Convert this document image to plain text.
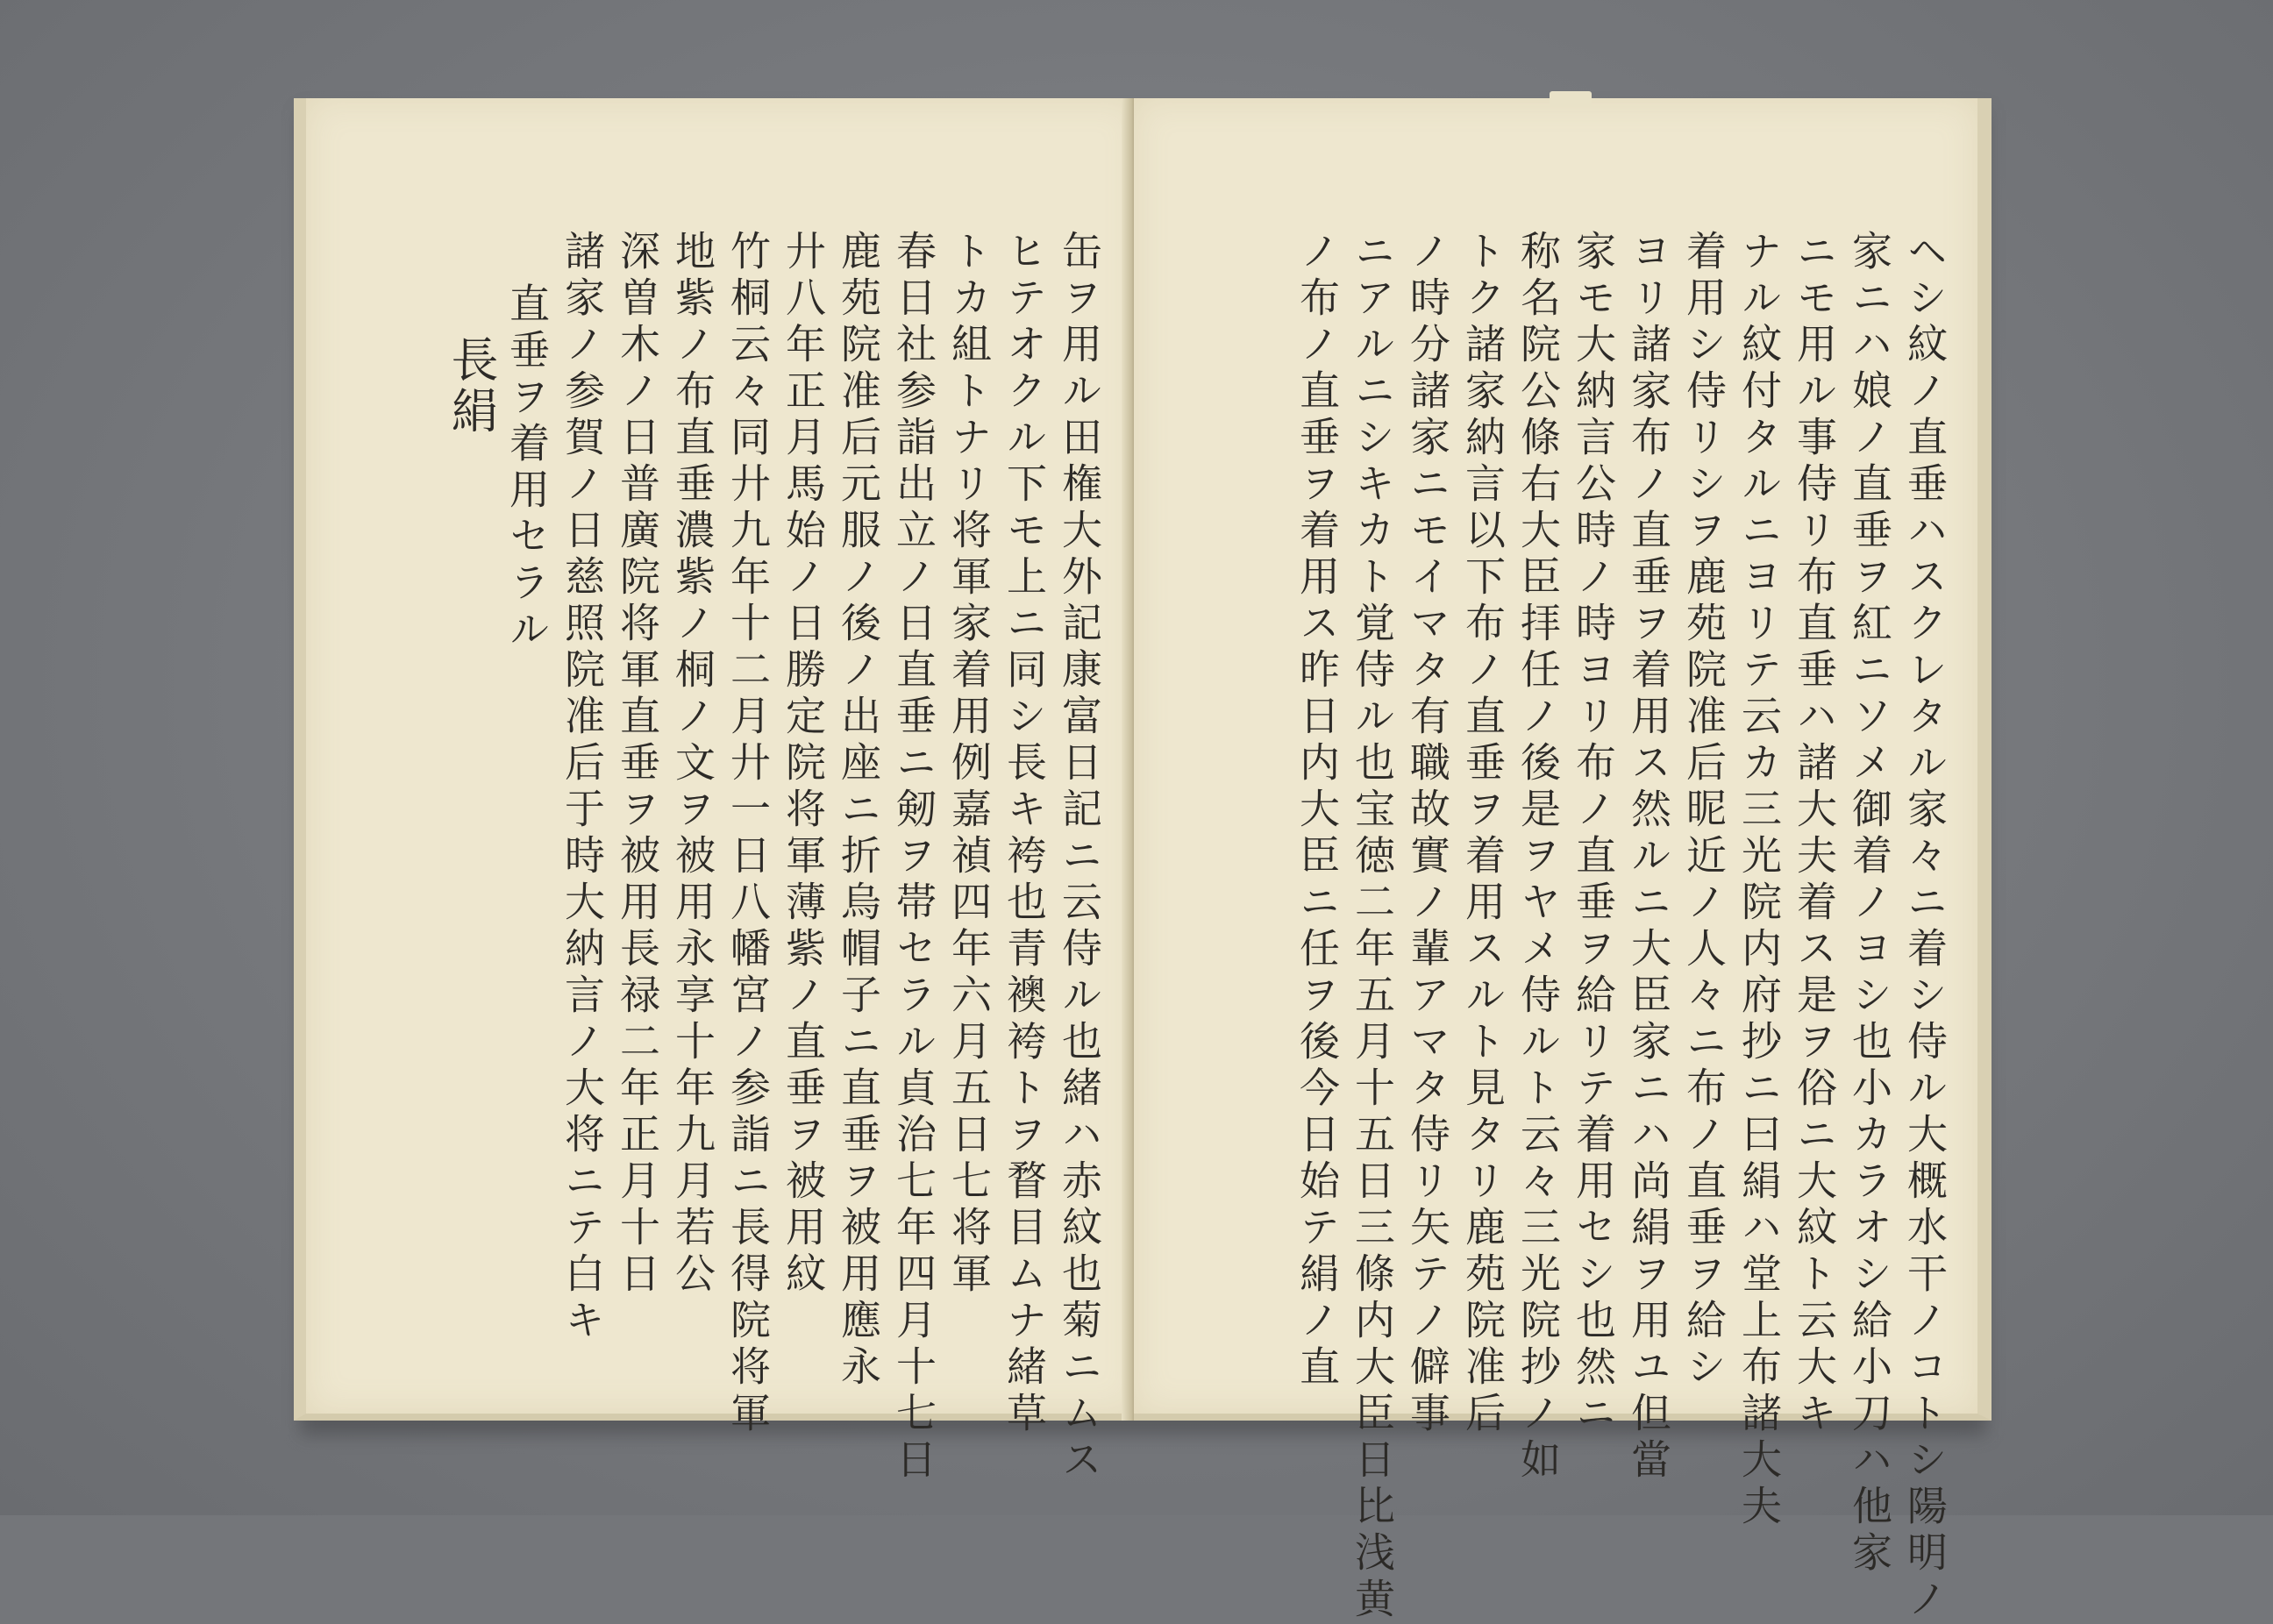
缶ヲ用ル田権大外記康富日記ニ云侍ル也緒ハ赤紋也菊ニムス

ヒテオクル下モ上ニ同シ長キ袴也青襖袴トヲ瞀目ムナ緒草

トカ組トナリ将軍家着用例嘉禎四年六月五日七将軍

春日社参詣出立ノ日直垂ニ剱ヲ帯セラル貞治七年四月十七日

鹿苑院准后元服ノ後ノ出座ニ折烏帽子ニ直垂ヲ被用應永

廾八年正月馬始ノ日勝定院将軍薄紫ノ直垂ヲ被用紋

竹桐云々同廾九年十二月廾一日八幡宮ノ参詣ニ長得院将軍

地紫ノ布直垂濃紫ノ桐ノ文ヲ被用永享十年九月若公

深曽木ノ日普廣院将軍直垂ヲ被用長禄二年正月十日

諸家ノ参賀ノ日慈照院准后于時大納言ノ大将ニテ白キ

直垂ヲ着用セラル

長絹	ヘシ紋ノ直垂ハスクレタル家々ニ着シ侍ル大概水干ノコトシ陽明ノ

家ニハ娘ノ直垂ヲ紅ニソメ御着ノヨシ也小カラオシ給小刀ハ他家

ニモ用ル事侍リ布直垂ハ諸大夫着ス是ヲ俗ニ大紋ト云大キ

ナル紋付タルニヨリテ云カ三光院内府抄ニ曰絹ハ堂上布諸大夫

着用シ侍リシヲ鹿苑院准后昵近ノ人々ニ布ノ直垂ヲ給シ

ヨリ諸家布ノ直垂ヲ着用ス然ルニ大臣家ニハ尚絹ヲ用ユ但當

家モ大納言公時ノ時ヨリ布ノ直垂ヲ給リテ着用セシ也然ニ

称名院公條右大臣拝任ノ後是ヲヤメ侍ルト云々三光院抄ノ如

トク諸家納言以下布ノ直垂ヲ着用スルト見タリ鹿苑院准后

ノ時分諸家ニモイマタ有職故實ノ輩アマタ侍リ矢テノ僻事

ニアルニシキカト覚侍ル也宝徳二年五月十五日三條内大臣日比浅黄

ノ布ノ直垂ヲ着用ス昨日内大臣ニ任ヲ後今日始テ絹ノ直
